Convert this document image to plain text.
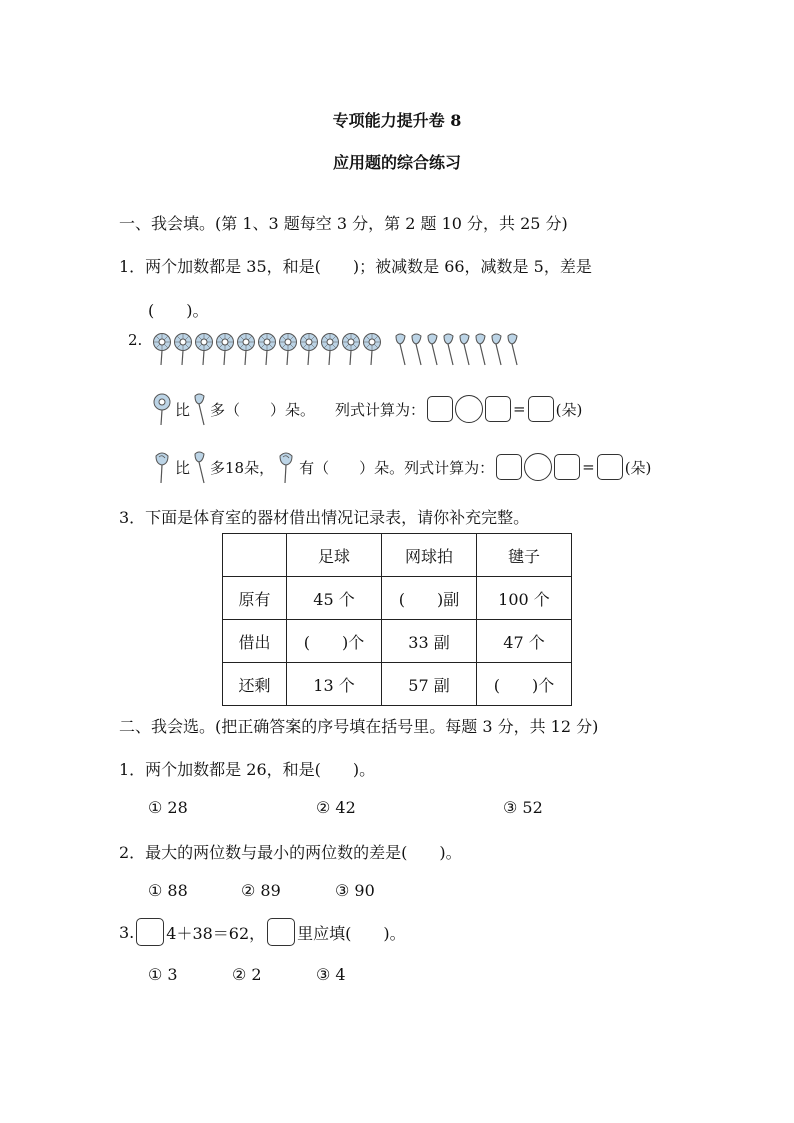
专项能力提升卷 8
应用题的综合练习
一、我会填。(第 1、3 题每空 3 分，第 2 题 10 分，共 25 分)
1．两个加数都是 35，和是(　　)；被减数是 66，减数是 5，差是
(　　)。
2.
比 多（　　）朵。 列式计算为：	= (朵)
比 多18朵， 有（　　）朵。列式计算为：	= (朵)
3．下面是体育室的器材借出情况记录表，请你补充完整。
	足球	网球拍	毽子
原有	45 个	(　　)副	100 个
借出	(　　)个	33 副	47 个
还剩	13 个	57 副	(　　)个
二、我会选。(把正确答案的序号填在括号里。每题 3 分，共 12 分)
1．两个加数都是 26，和是(　　)。
① 28	② 42	③ 52
2．最大的两位数与最小的两位数的差是(　　)。
① 88	② 89	③ 90
3. 4＋38＝62， 里应填(　　)。
① 3	② 2	③ 4
